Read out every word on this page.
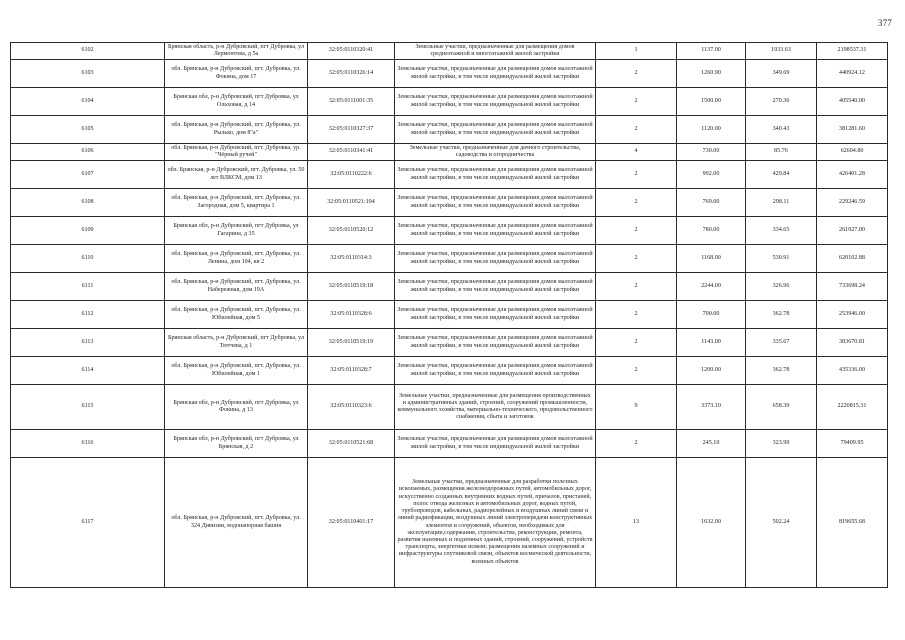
377
6102	Брянская область, р-н Дубровский, пгт Дубровка, ул Лермонтова, д 5а	32:05:0110320:41	Земельные участки, предназначенные для размещения домов среднеэтажной и многоэтажной жилой застройки	1	1137.00	1933.63	2198537.31
6103	обл. Брянская, р-н Дубровский, пгт. Дубровка, ул. Фокина, дом 17	32:05:0110326:14	Земельные участки, предназначенные для размещения домов малоэтажной жилой застройки, в том числе индивидуальной жилой застройки	2	1260.90	349.69	440924.12
6104	Брянская обл, р-н Дубровский, пгт Дубровка, ул Ольховая, д 14	32:05:0111001:35	Земельные участки, предназначенные для размещения домов малоэтажной жилой застройки, в том числе индивидуальной жилой застройки	2	1500.00	270.36	405540.00
6105	обл. Брянская, р-н Дубровский, пгт. Дубровка, ул. Рылько, дом 8"а"	32:05:0110327:37	Земельные участки, предназначенные для размещения домов малоэтажной жилой застройки, в том числе индивидуальной жилой застройки	2	1120.00	340.43	381281.60
6106	обл. Брянская, р-н Дубровский, пгт. Дубровка, ур. "Чёрный ручей"	32:05:0110341:41	Земельные участки, предназначенные для дачного строительства, садоводства и огородничества	4	730.00	85.76	62604.80
6107	обл. Брянская, р-н Дубровский, пгт. Дубровка, ул. 50 лет ВЛКСМ, дом 13	32:05:0110222:6	Земельные участки, предназначенные для размещения домов малоэтажной жилой застройки, в том числе индивидуальной жилой застройки	2	992.00	429.84	426401.28
6108	обл. Брянская, р-н Дубровский, пгт. Дубровка, ул. Загородная, дом 5, квартира 1	32:05:0110521:104	Земельные участки, предназначенные для размещения домов малоэтажной жилой застройки, в том числе индивидуальной жилой застройки	2	769.00	298.11	229246.59
6109	Брянская обл, р-н Дубровский, пгт Дубровка, ул Гагарина, д 35	32:05:0110520:12	Земельные участки, предназначенные для размещения домов малоэтажной жилой застройки, в том числе индивидуальной жилой застройки	2	780.00	334.65	261027.00
6110	обл. Брянская, р-н Дубровский, пгт. Дубровка, ул. Ленина, дом 104, кв 2	32:05:0110314:3	Земельные участки, предназначенные для размещения домов малоэтажной жилой застройки, в том числе индивидуальной жилой застройки	2	1168.00	530.91	620102.88
6111	обл. Брянская, р-н Дубровский, пгт. Дубровка, ул. Набережная, дом 19А	32:05:0110519:18	Земельные участки, предназначенные для размещения домов малоэтажной жилой застройки, в том числе индивидуальной жилой застройки	2	2244.00	326.96	733698.24
6112	обл. Брянская, р-н Дубровский, пгт. Дубровка, ул. Юбилейная, дом 5	32:05:0110328:6	Земельные участки, предназначенные для размещения домов малоэтажной жилой застройки, в том числе индивидуальной жилой застройки	2	700.00	362.78	253946.00
6113	Брянская область, р-н Дубровский, пгт Дубровка, ул Тютчева, д 1	32:05:0110519:19	Земельные участки, предназначенные для размещения домов малоэтажной жилой застройки, в том числе индивидуальной жилой застройки	2	1143.00	335.67	383670.81
6114	обл. Брянская, р-н Дубровский, пгт. Дубровка, ул. Юбилейная, дом 1	32:05:0110328:7	Земельные участки, предназначенные для размещения домов малоэтажной жилой застройки, в том числе индивидуальной жилой застройки	2	1200.00	362.78	435336.00
6115	Брянская обл, р-н Дубровский, пгт Дубровка, ул Фокина, д 13	32:05:0110323:6	Земельные участки, предназначенные для размещения производственных и административных зданий, строений, сооружений промышленности, коммунального хозяйства, материально-технического, продовольственного снабжения, сбыта и заготовок	9	3373.10	658.39	2220815.31
6116	Брянская обл, р-н Дубровский, пгт Дубровка, ул Брянская, д 2	32:05:0110521:68	Земельные участки, предназначенные для размещения домов малоэтажной жилой застройки, в том числе индивидуальной жилой застройки	2	245.10	323.99	79409.95
6117	обл. Брянская, р-н Дубровский, пгт. Дубровка, ул. 324 Дивизии, водонапорная башня	32:05:0110401:17	Земельные участки, предназначенные для разработки полезных ископаемых, размещения железнодорожных путей, автомобильных дорог, искусственно созданных внутренних водных путей, причалов, пристаней, полос отвода железных и автомобильных дорог, водных путей, трубопроводов, кабельных, радиорелейных и воздушных линий связи и линий радиофикации, воздушных линий электропередачи конструктивных элементов и сооружений, объектов, необходимых для эксплуатации,содержания, строительства, реконструкции, ремонта, развития наземных и подземных зданий, строений, сооружений, устройств транспорта, энергетики исвязи; размещения наземных сооружений и инфраструктуры спутниковой связи, объектов космической деятельности, военных объектов	13	1632.00	502.24	819655.68
